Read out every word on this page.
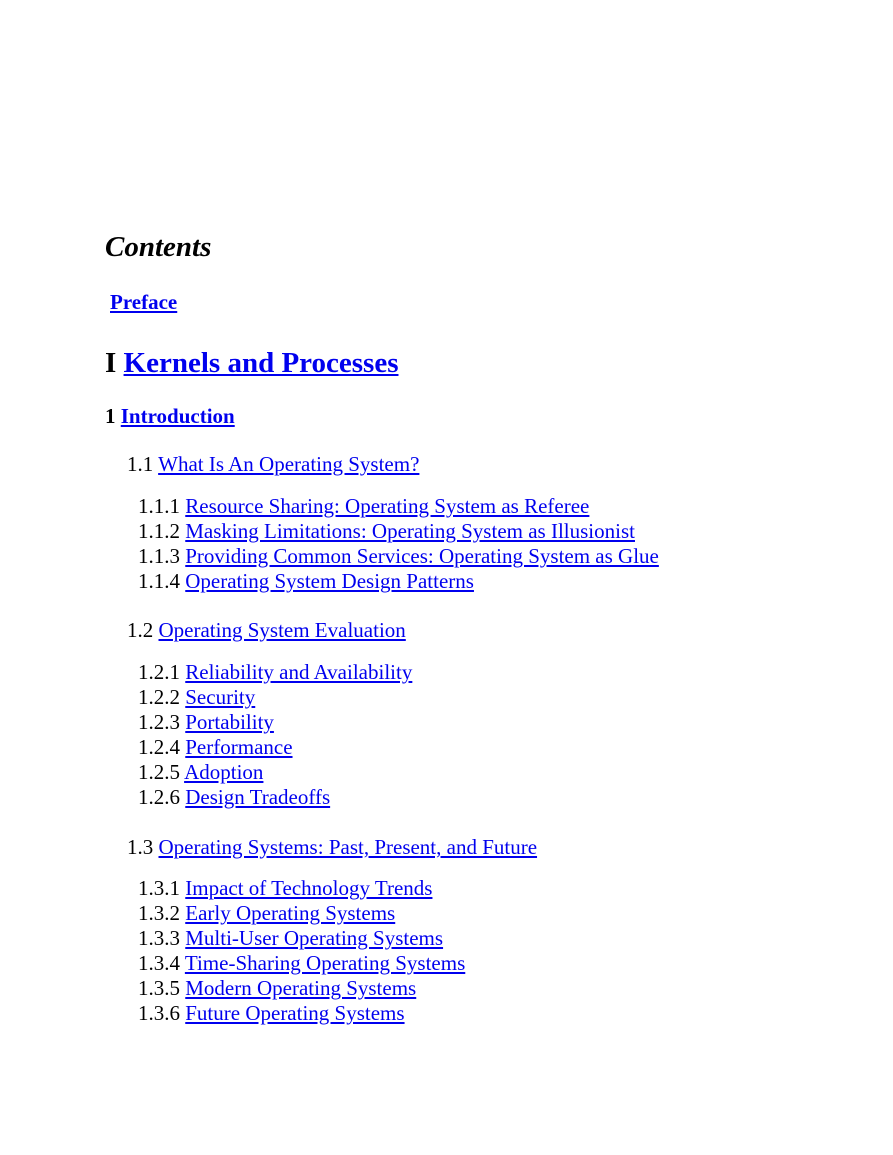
Contents
Preface
I Kernels and Processes
1 Introduction
1.1 What Is An Operating System?
1.1.1 Resource Sharing: Operating System as Referee
1.1.2 Masking Limitations: Operating System as Illusionist
1.1.3 Providing Common Services: Operating System as Glue
1.1.4 Operating System Design Patterns
1.2 Operating System Evaluation
1.2.1 Reliability and Availability
1.2.2 Security
1.2.3 Portability
1.2.4 Performance
1.2.5 Adoption
1.2.6 Design Tradeoffs
1.3 Operating Systems: Past, Present, and Future
1.3.1 Impact of Technology Trends
1.3.2 Early Operating Systems
1.3.3 Multi-User Operating Systems
1.3.4 Time-Sharing Operating Systems
1.3.5 Modern Operating Systems
1.3.6 Future Operating Systems
